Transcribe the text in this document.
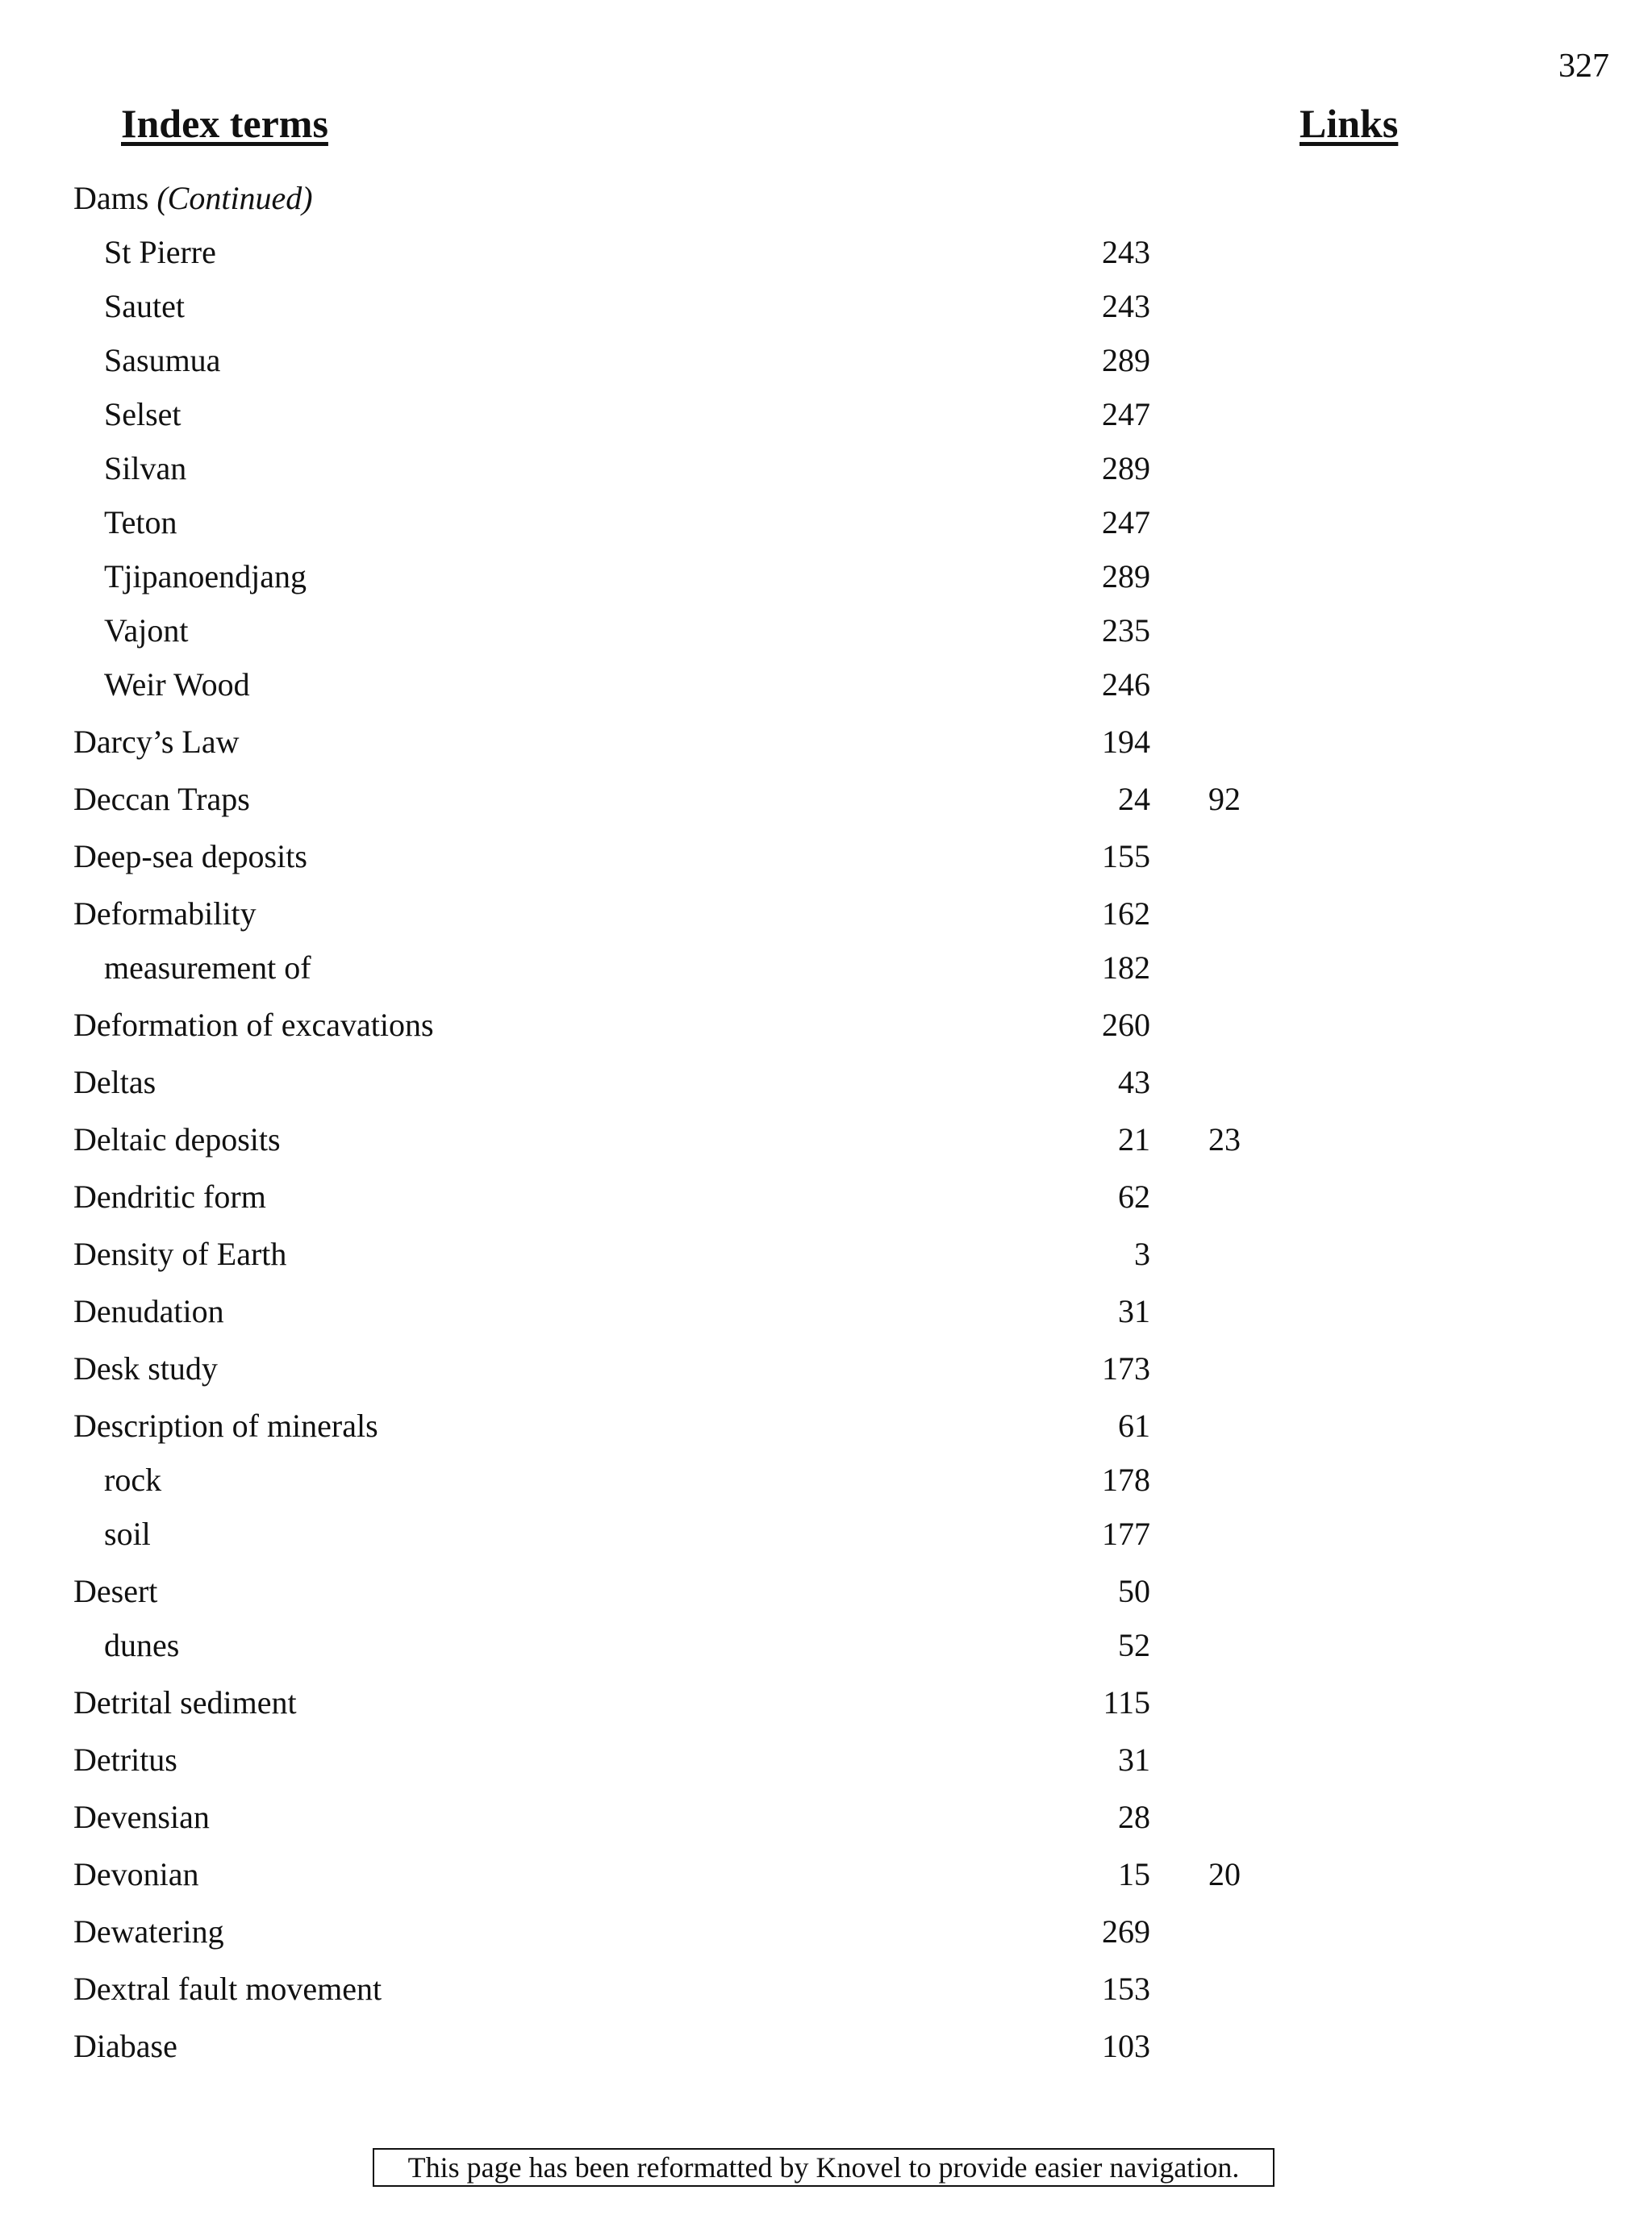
327
Index terms	Links
Dams (Continued)
St Pierre	243
Sautet	243
Sasumua	289
Selset	247
Silvan	289
Teton	247
Tjipanoendjang	289
Vajont	235
Weir Wood	246
Darcy’s Law	194
Deccan Traps	24 92
Deep-sea deposits	155
Deformability	162
measurement of	182
Deformation of excavations	260
Deltas	43
Deltaic deposits	21 23
Dendritic form	62
Density of Earth	3
Denudation	31
Desk study	173
Description of minerals	61
rock	178
soil	177
Desert	50
dunes	52
Detrital sediment	115
Detritus	31
Devensian	28
Devonian	15 20
Dewatering	269
Dextral fault movement	153
Diabase	103
This page has been reformatted by Knovel to provide easier navigation.
